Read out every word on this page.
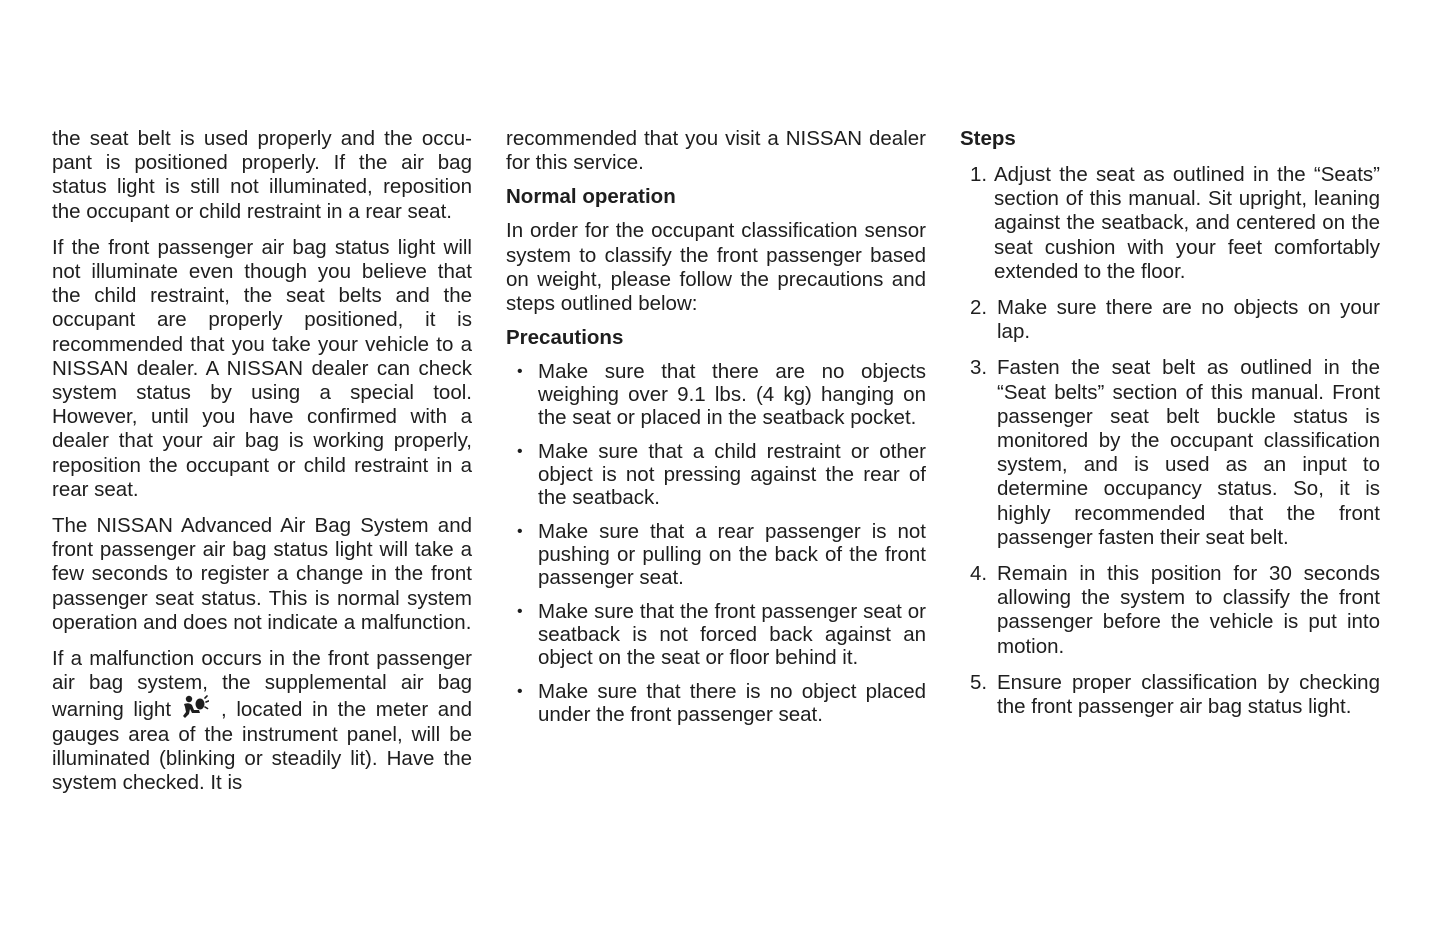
the seat belt is used properly and the occupant is positioned properly. If the air bag status light is still not illuminated, reposition the occupant or child restraint in a rear seat.

If the front passenger air bag status light will not illuminate even though you believe that the child restraint, the seat belts and the occupant are properly positioned, it is recommended that you take your vehicle to a NISSAN dealer. A NISSAN dealer can check system status by using a special tool. However, until you have confirmed with a dealer that your air bag is working properly, reposition the occupant or child restraint in a rear seat.

The NISSAN Advanced Air Bag System and front passenger air bag status light will take a few seconds to register a change in the front passenger seat status. This is normal system operation and does not indicate a malfunction.

If a malfunction occurs in the front passenger air bag system, the supplemental air bag warning light , located in the meter and gauges area of the instrument panel, will be illuminated (blinking or steadily lit). Have the system checked. It is

recommended that you visit a NISSAN dealer for this service.

Normal operation

In order for the occupant classification sensor system to classify the front passenger based on weight, please follow the precautions and steps outlined below:

Precautions
• Make sure that there are no objects weighing over 9.1 lbs. (4 kg) hanging on the seat or placed in the seatback pocket.
• Make sure that a child restraint or other object is not pressing against the rear of the seatback.
• Make sure that a rear passenger is not pushing or pulling on the back of the front passenger seat.
• Make sure that the front passenger seat or seatback is not forced back against an object on the seat or floor behind it.
• Make sure that there is no object placed under the front passenger seat.
Steps
1. Adjust the seat as outlined in the “Seats” section of this manual. Sit upright, leaning against the seatback, and centered on the seat cushion with your feet comfortably extended to the floor.
2. Make sure there are no objects on your lap.
3. Fasten the seat belt as outlined in the “Seat belts” section of this manual. Front passenger seat belt buckle status is monitored by the occupant classification system, and is used as an input to determine occupancy status. So, it is highly recommended that the front passenger fasten their seat belt.
4. Remain in this position for 30 seconds allowing the system to classify the front passenger before the vehicle is put into motion.
5. Ensure proper classification by checking the front passenger air bag status light.
